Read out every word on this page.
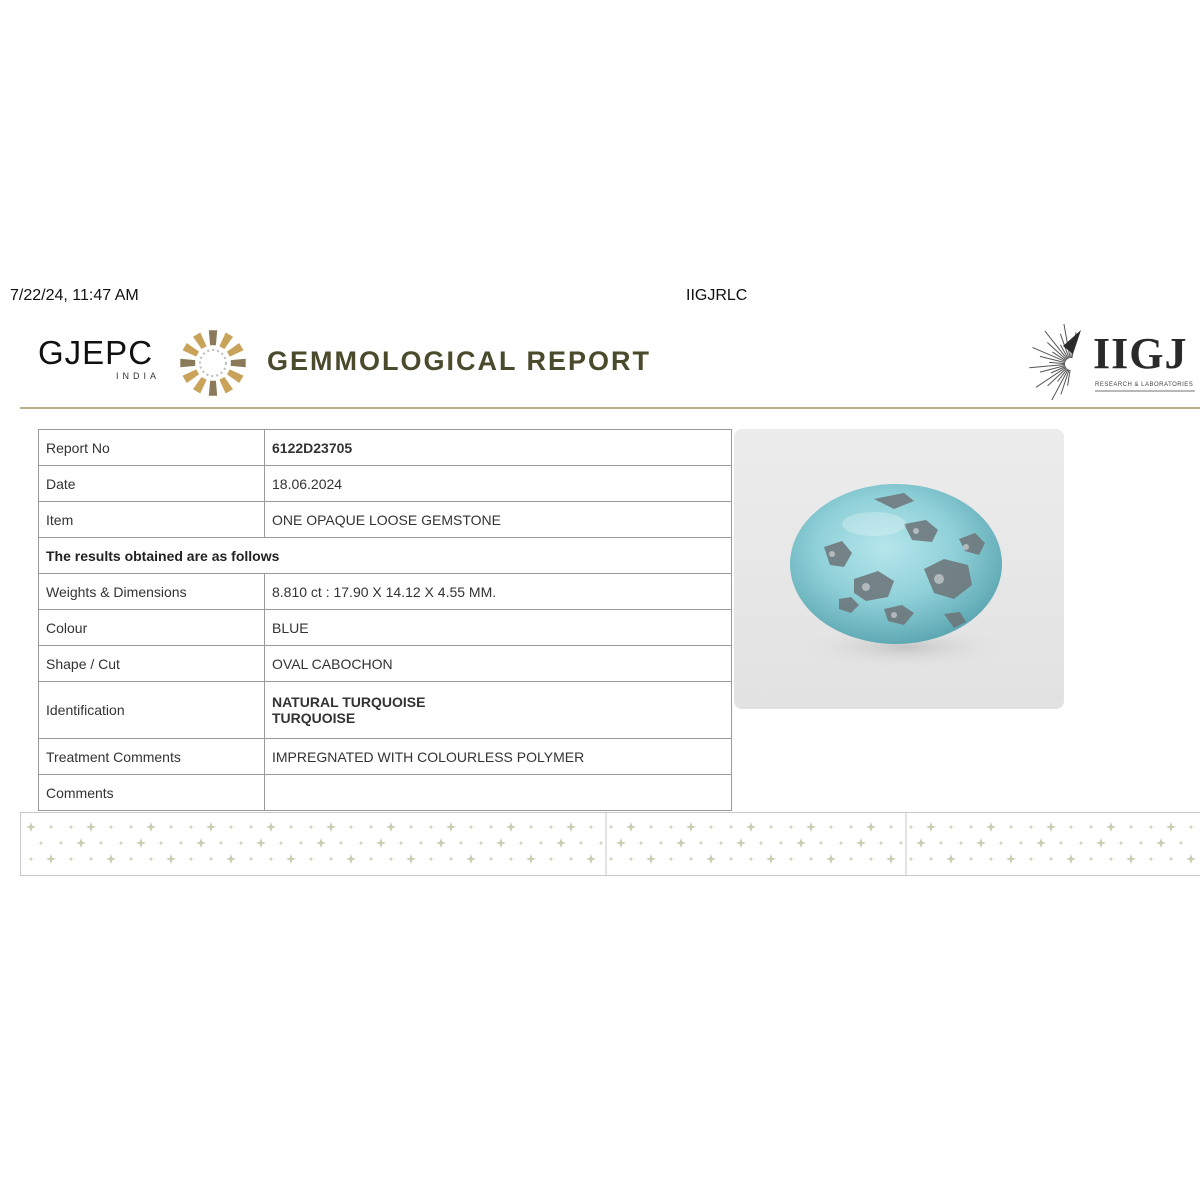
7/22/24, 11:47 AM	IIGJRLC
GJEPC
INDIA	GEMMOLOGICAL REPORT	IIGJ
RESEARCH & LABORATORIES
Report No	6122D23705
Date	18.06.2024
Item	ONE OPAQUE LOOSE GEMSTONE
The results obtained are as follows	
Weights & Dimensions	8.810 ct : 17.90 X 14.12 X 4.55 MM.
Colour	BLUE
Shape / Cut	OVAL CABOCHON
Identification	NATURAL TURQUOISE
TURQUOISE

Treatment Comments	IMPREGNATED WITH COLOURLESS POLYMER
Comments	
